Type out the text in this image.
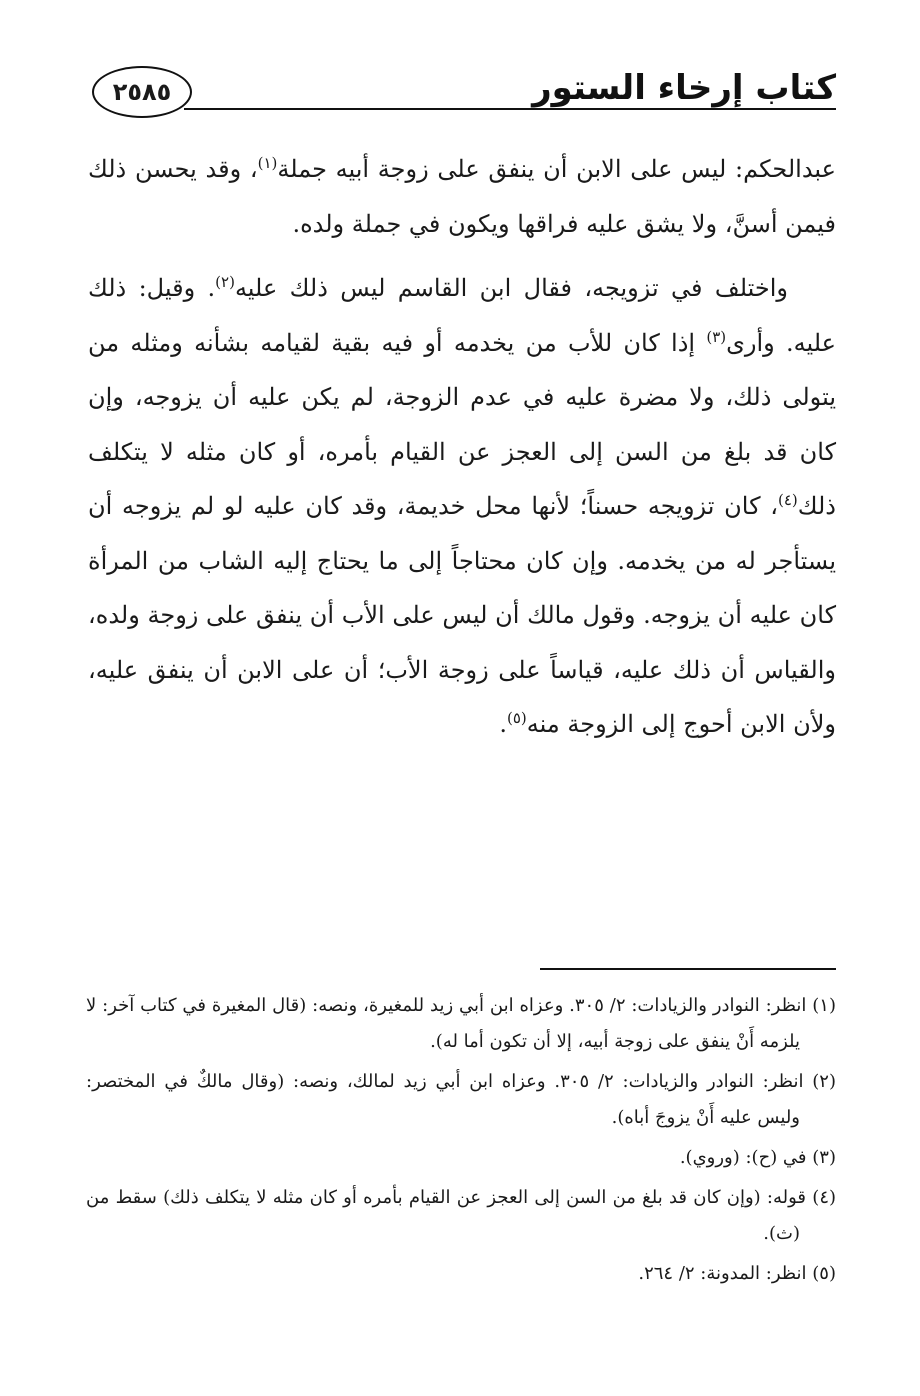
كتاب إرخاء الستور
٢٥٨٥

عبدالحكم: ليس على الابن أن ينفق على زوجة أبيه جملة$^{(١)}$، وقد يحسن ذلك فيمن أسنَّ، ولا يشق عليه فراقها ويكون في جملة ولده.

واختلف في تزويجه، فقال ابن القاسم ليس ذلك عليه$^{(٢)}$. وقيل: ذلك عليه. وأرى$^{(٣)}$ إذا كان للأب من يخدمه أو فيه بقية لقيامه بشأنه ومثله من يتولى ذلك، ولا مضرة عليه في عدم الزوجة، لم يكن عليه أن يزوجه، وإن كان قد بلغ من السن إلى العجز عن القيام بأمره، أو كان مثله لا يتكلف ذلك$^{(٤)}$، كان تزويجه حسناً؛ لأنها محل خديمة، وقد كان عليه لو لم يزوجه أن يستأجر له من يخدمه. وإن كان محتاجاً إلى ما يحتاج إليه الشاب من المرأة كان عليه أن يزوجه. وقول مالك أن ليس على الأب أن ينفق على زوجة ولده، والقياس أن ذلك عليه، قياساً على زوجة الأب؛ أن على الابن أن ينفق عليه، ولأن الابن أحوج إلى الزوجة منه$^{(٥)}$.

(١) انظر: النوادر والزيادات: ٢/ ٣٠٥. وعزاه ابن أبي زيد للمغيرة، ونصه: (قال المغيرة في كتاب آخر: لا يلزمه أَنْ ينفق على زوجة أبيه، إلا أن تكون أما له).

(٢) انظر: النوادر والزيادات: ٢/ ٣٠٥. وعزاه ابن أبي زيد لمالك، ونصه: (وقال مالكٌ في المختصر: وليس عليه أَنْ يزوجَ أباه).

(٣) في (ح): (وروي).

(٤) قوله: (وإن كان قد بلغ من السن إلى العجز عن القيام بأمره أو كان مثله لا يتكلف ذلك) سقط من (ث).

(٥) انظر: المدونة: ٢/ ٢٦٤.
